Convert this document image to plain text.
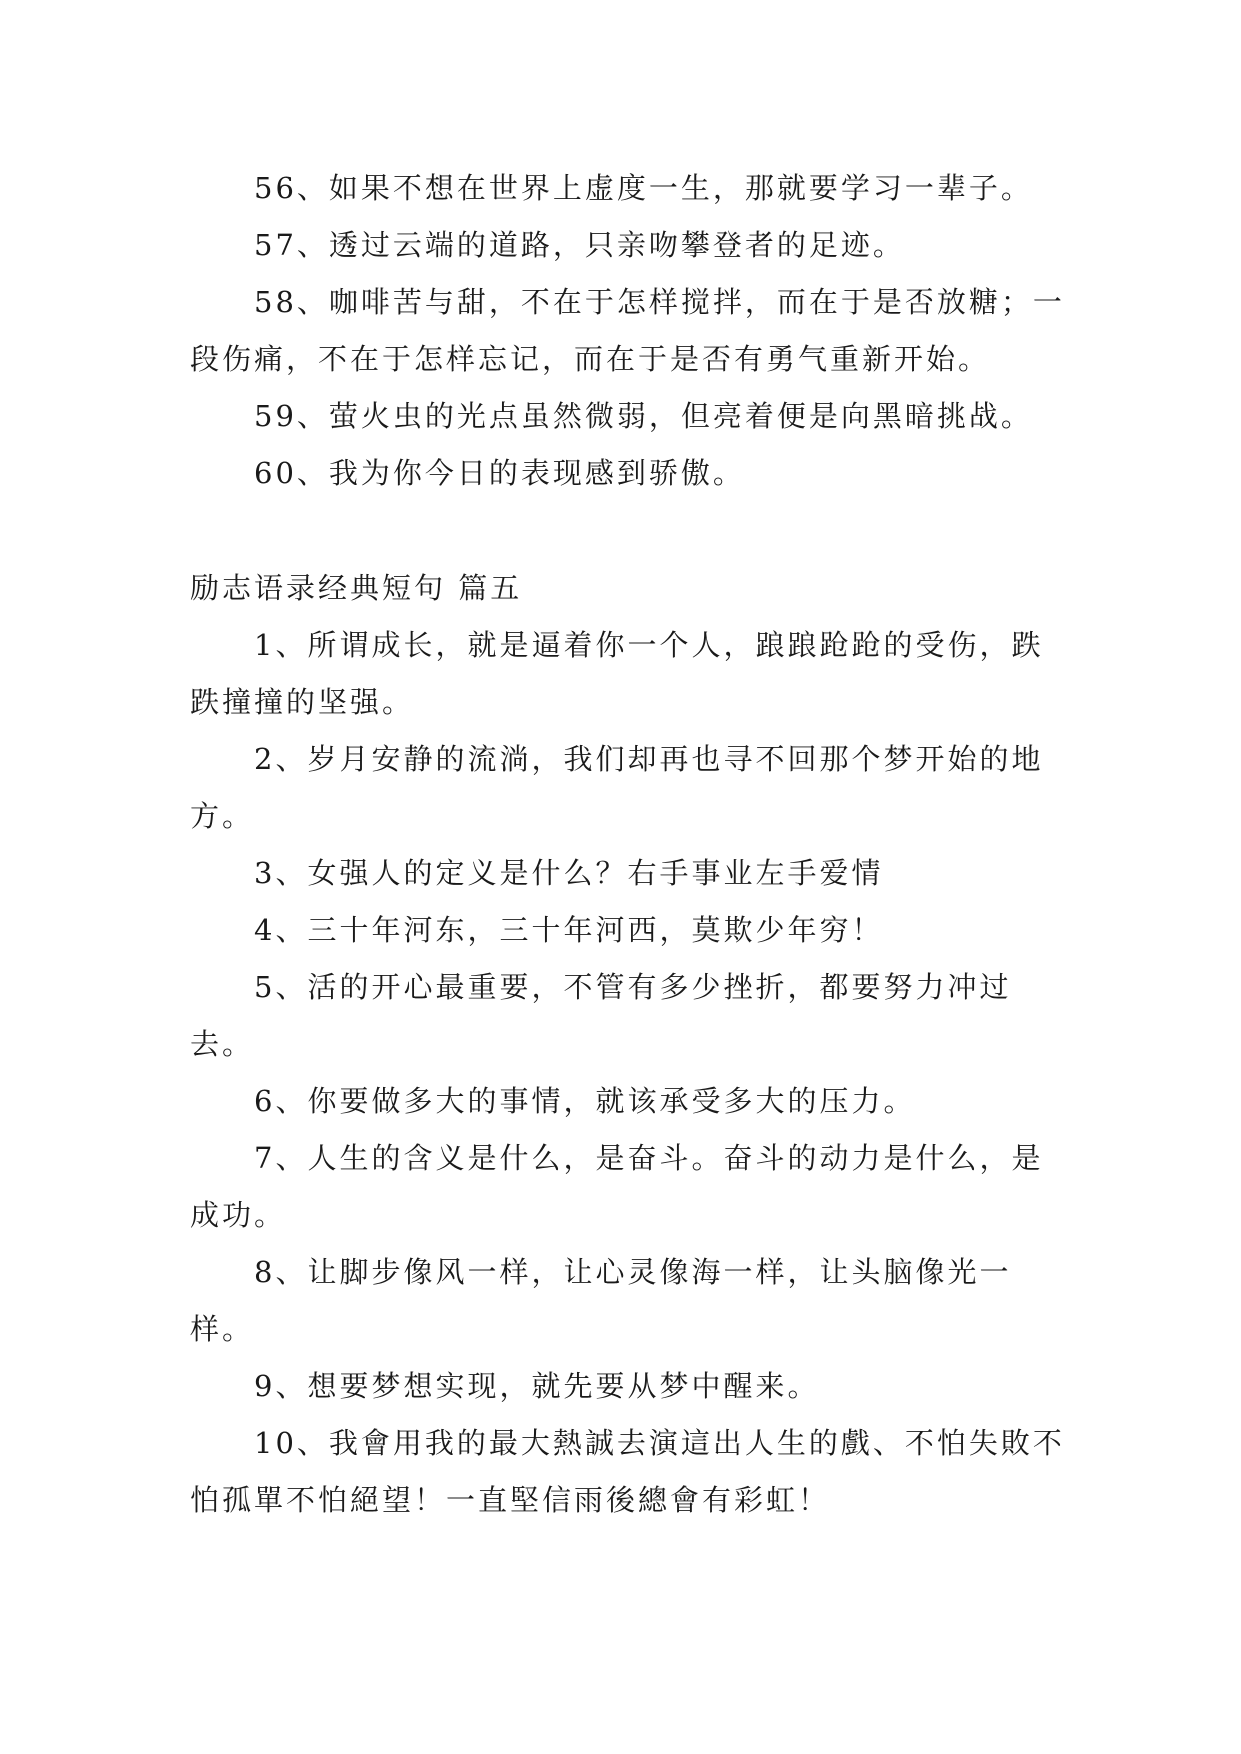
56、如果不想在世界上虚度一生，那就要学习一辈子。

57、透过云端的道路，只亲吻攀登者的足迹。

58、咖啡苦与甜，不在于怎样搅拌，而在于是否放糖；一段伤痛，不在于怎样忘记，而在于是否有勇气重新开始。

59、萤火虫的光点虽然微弱，但亮着便是向黑暗挑战。

60、我为你今日的表现感到骄傲。

励志语录经典短句 篇五

1、所谓成长，就是逼着你一个人，踉踉跄跄的受伤，跌跌撞撞的坚强。

2、岁月安静的流淌，我们却再也寻不回那个梦开始的地方。

3、女强人的定义是什么？右手事业左手爱情

4、三十年河东，三十年河西，莫欺少年穷！

5、活的开心最重要，不管有多少挫折，都要努力冲过去。

6、你要做多大的事情，就该承受多大的压力。

7、人生的含义是什么，是奋斗。奋斗的动力是什么，是成功。

8、让脚步像风一样，让心灵像海一样，让头脑像光一样。

9、想要梦想实现，就先要从梦中醒来。

10、我會用我的最大熱誠去演這出人生的戲、不怕失敗不怕孤單不怕絕望！一直堅信雨後總會有彩虹！
